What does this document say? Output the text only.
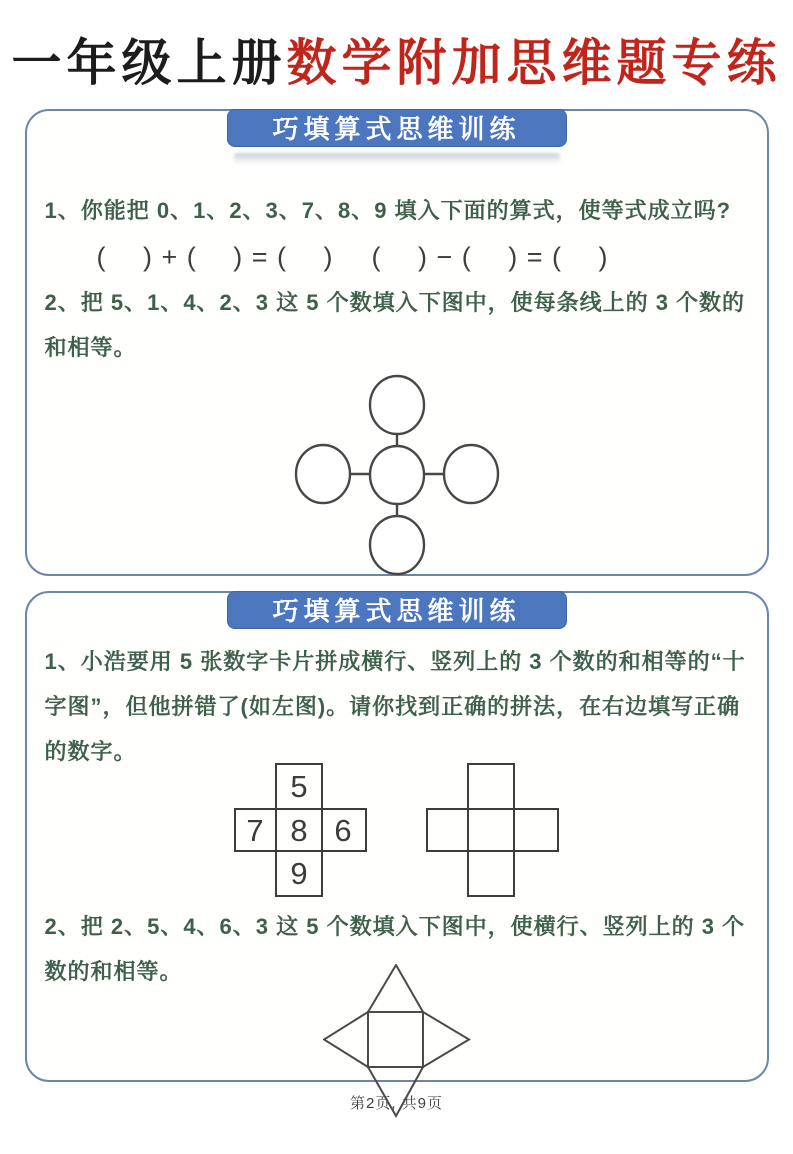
一年级上册数学附加思维题专练
巧填算式思维训练

1、你能把 0、1、2、3、7、8、9 填入下面的算式，使等式成立吗?

(　 ) + (　 ) = (　 ) (　 ) − (　 ) = (　 )

2、把 5、1、4、2、3 这 5 个数填入下图中，使每条线上的 3 个数的和相等。

巧填算式思维训练

1、小浩要用 5 张数字卡片拼成横行、竖列上的 3 个数的和相等的“十字图”，但他拼错了(如左图)。请你找到正确的拼法，在右边填写正确的数字。

5
7 8 6
9

2、把 2、5、4、6、3 这 5 个数填入下图中，使横行、竖列上的 3 个数的和相等。

第2页, 共9页
